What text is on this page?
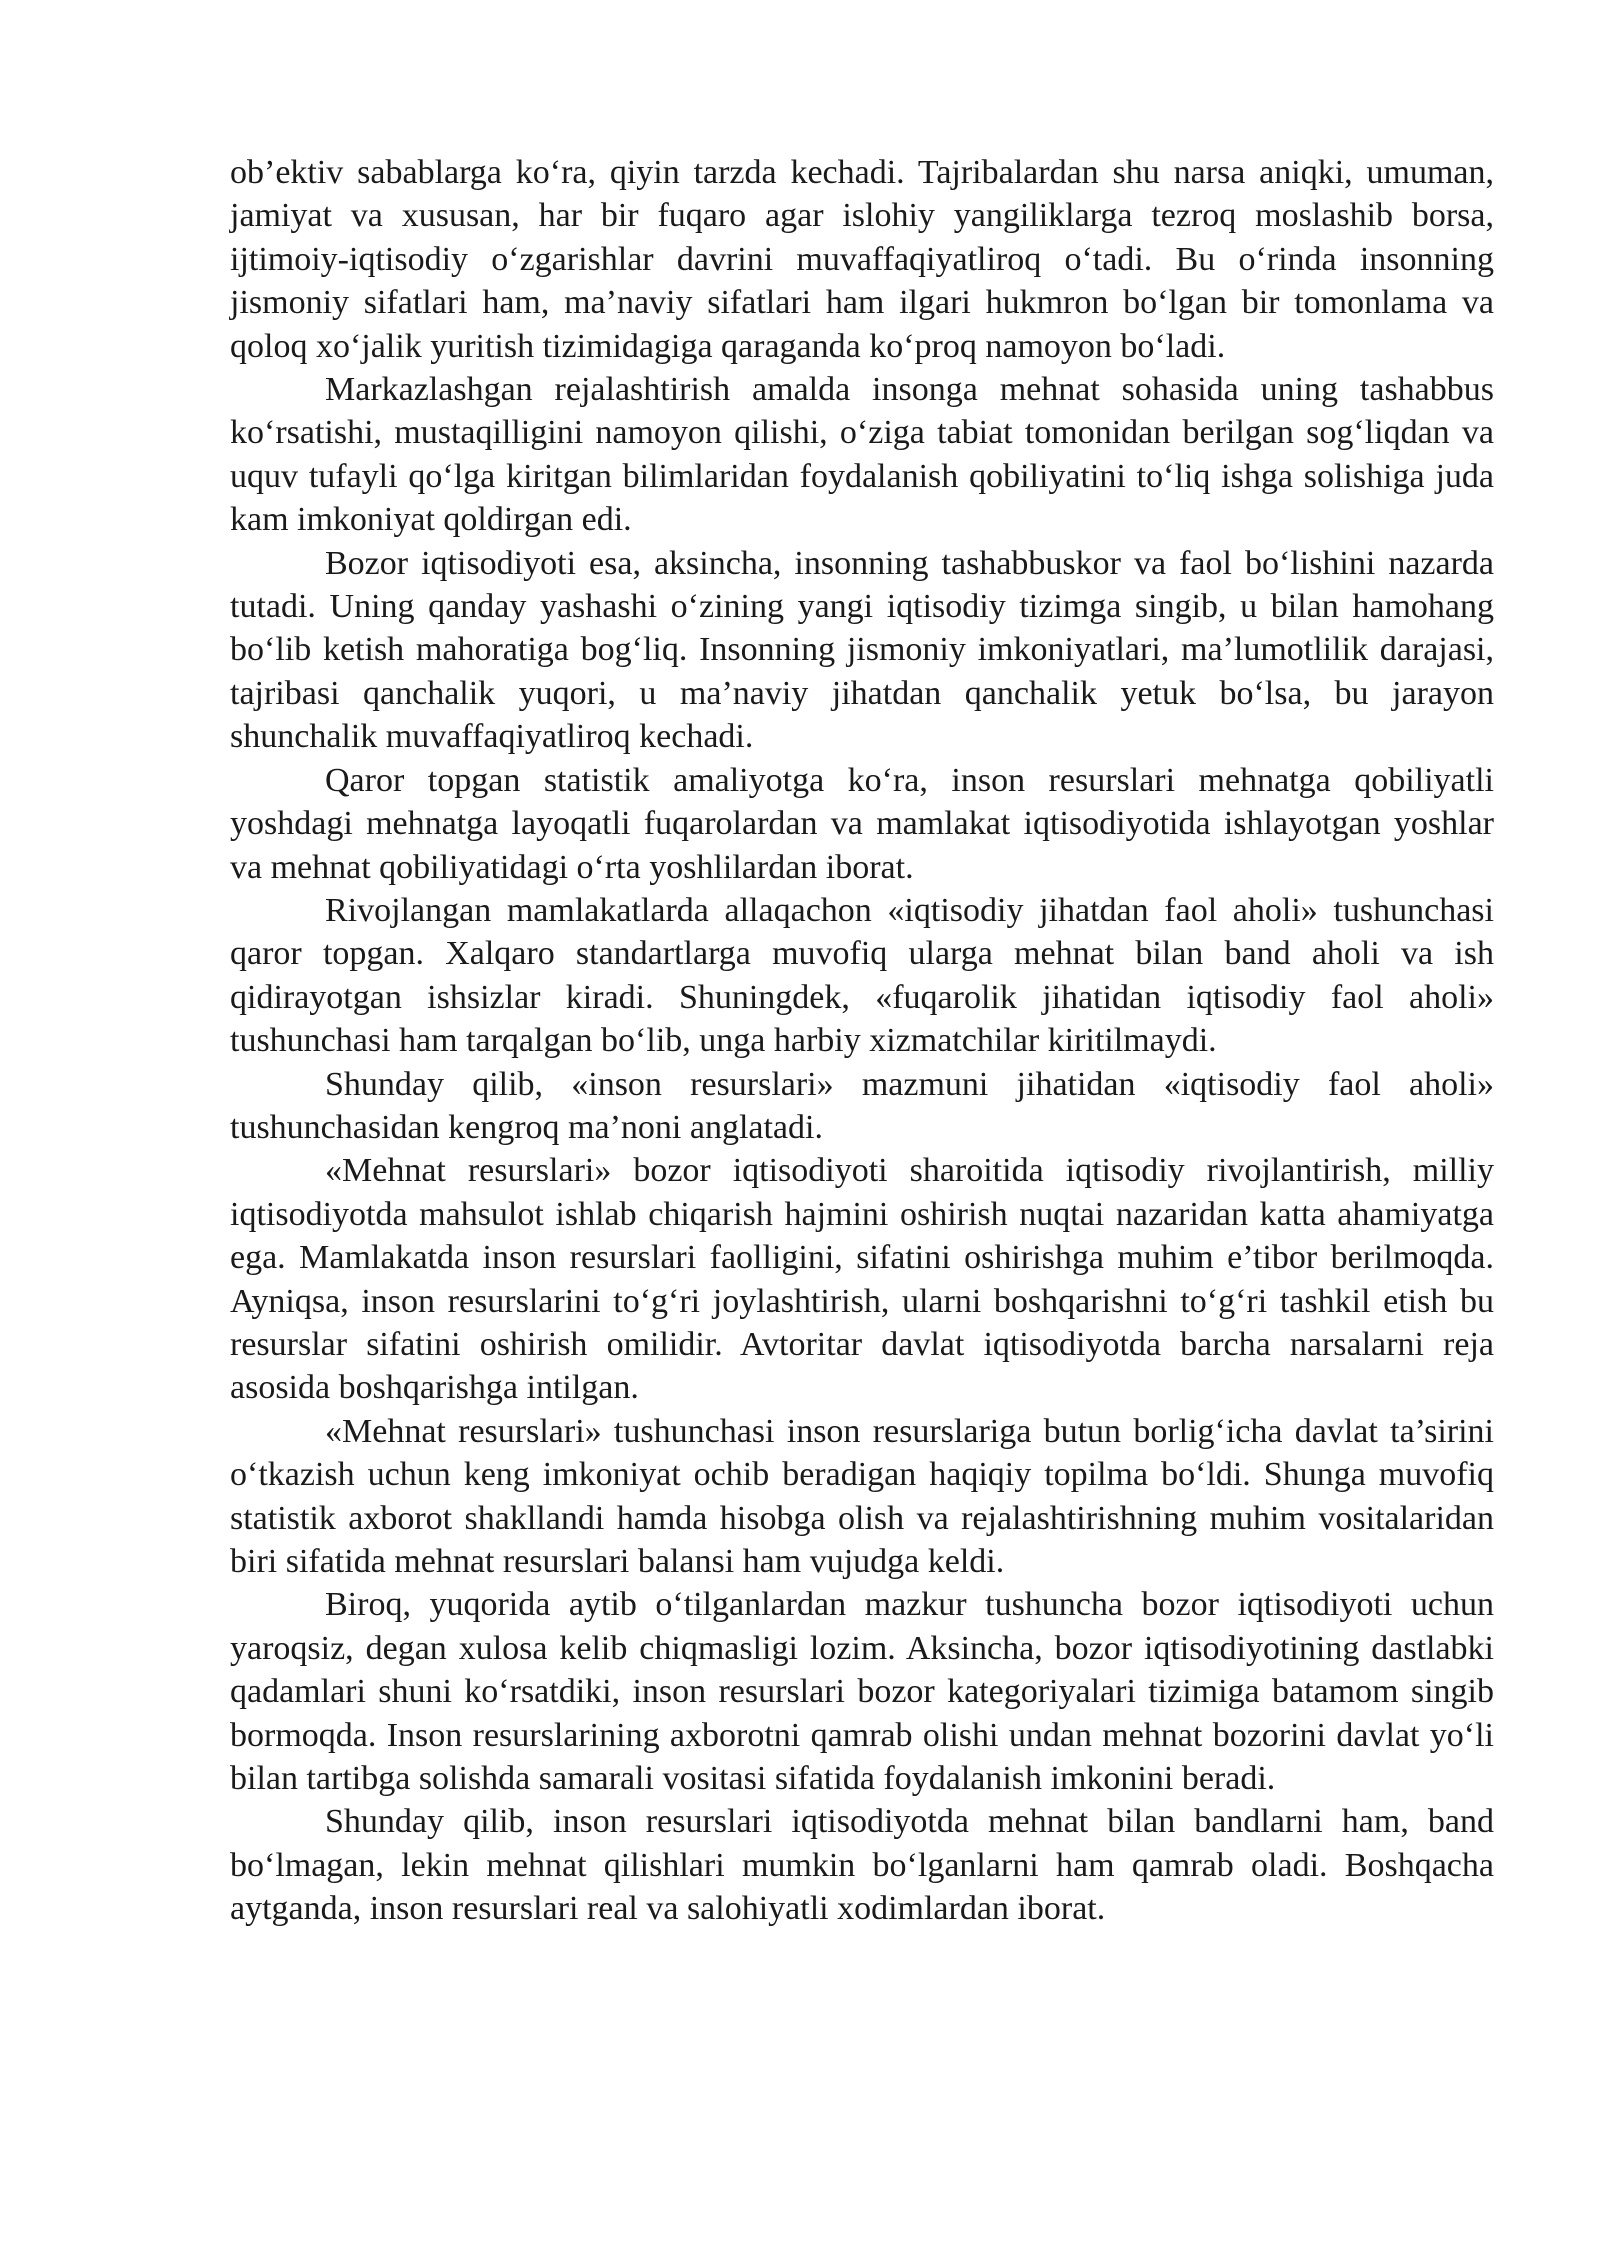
ob’ektiv sabablarga ko‘ra, qiyin tarzda kechadi. Tajribalardan shu narsa aniqki, umuman, jamiyat va xususan, har bir fuqaro agar islohiy yangiliklarga tezroq moslashib borsa, ijtimoiy-iqtisodiy o‘zgarishlar davrini muvaffaqiyatliroq o‘tadi. Bu o‘rinda insonning jismoniy sifatlari ham, ma’naviy sifatlari ham ilgari hukmron bo‘lgan bir tomonlama va qoloq xo‘jalik yuritish tizimidagiga qaraganda ko‘proq namoyon bo‘ladi.

Markazlashgan rejalashtirish amalda insonga mehnat sohasida uning tashabbus ko‘rsatishi, mustaqilligini namoyon qilishi, o‘ziga tabiat tomonidan berilgan sog‘liqdan va uquv tufayli qo‘lga kiritgan bilimlaridan foydalanish qobiliyatini to‘liq ishga solishiga juda kam imkoniyat qoldirgan edi.

Bozor iqtisodiyoti esa, aksincha, insonning tashabbuskor va faol bo‘lishini nazarda tutadi. Uning qanday yashashi o‘zining yangi iqtisodiy tizimga singib, u bilan hamohang bo‘lib ketish mahoratiga bog‘liq. Insonning jismoniy imkoniyatlari, ma’lumotlilik darajasi, tajribasi qanchalik yuqori, u ma’naviy jihatdan qanchalik yetuk bo‘lsa, bu jarayon shunchalik muvaffaqiyatliroq kechadi.

Qaror topgan statistik amaliyotga ko‘ra, inson resurslari mehnatga qobiliyatli yoshdagi mehnatga layoqatli fuqarolardan va mamlakat iqtisodiyotida ishlayotgan yoshlar va mehnat qobiliyatidagi o‘rta yoshlilardan iborat.

Rivojlangan mamlakatlarda allaqachon «iqtisodiy jihatdan faol aholi» tushunchasi qaror topgan. Xalqaro standartlarga muvofiq ularga mehnat bilan band aholi va ish qidirayotgan ishsizlar kiradi. Shuningdek, «fuqarolik jihatidan iqtisodiy faol aholi» tushunchasi ham tarqalgan bo‘lib, unga harbiy xizmatchilar kiritilmaydi.

Shunday qilib, «inson resurslari» mazmuni jihatidan «iqtisodiy faol aholi» tushunchasidan kengroq ma’noni anglatadi.

«Mehnat resurslari» bozor iqtisodiyoti sharoitida iqtisodiy rivojlantirish, milliy iqtisodiyotda mahsulot ishlab chiqarish hajmini oshirish nuqtai nazaridan katta ahamiyatga ega. Mamlakatda inson resurslari faolligini, sifatini oshirishga muhim e’tibor berilmoqda. Ayniqsa, inson resurslarini to‘g‘ri joylashtirish, ularni boshqarishni to‘g‘ri tashkil etish bu resurslar sifatini oshirish omilidir. Avtoritar davlat iqtisodiyotda barcha narsalarni reja asosida boshqarishga intilgan.

«Mehnat resurslari» tushunchasi inson resurslariga butun borlig‘icha davlat ta’sirini o‘tkazish uchun keng imkoniyat ochib beradigan haqiqiy topilma bo‘ldi. Shunga muvofiq statistik axborot shakllandi hamda hisobga olish va rejalashtirishning muhim vositalaridan biri sifatida mehnat resurslari balansi ham vujudga keldi.

Biroq, yuqorida aytib o‘tilganlardan mazkur tushuncha bozor iqtisodiyoti uchun yaroqsiz, degan xulosa kelib chiqmasligi lozim. Aksincha, bozor iqtisodiyotining dastlabki qadamlari shuni ko‘rsatdiki, inson resurslari bozor kategoriyalari tizimiga batamom singib bormoqda. Inson resurslarining axborotni qamrab olishi undan mehnat bozorini davlat yo‘li bilan tartibga solishda samarali vositasi sifatida foydalanish imkonini beradi.

Shunday qilib, inson resurslari iqtisodiyotda mehnat bilan bandlarni ham, band bo‘lmagan, lekin mehnat qilishlari mumkin bo‘lganlarni ham qamrab oladi. Boshqacha aytganda, inson resurslari real va salohiyatli xodimlardan iborat.
